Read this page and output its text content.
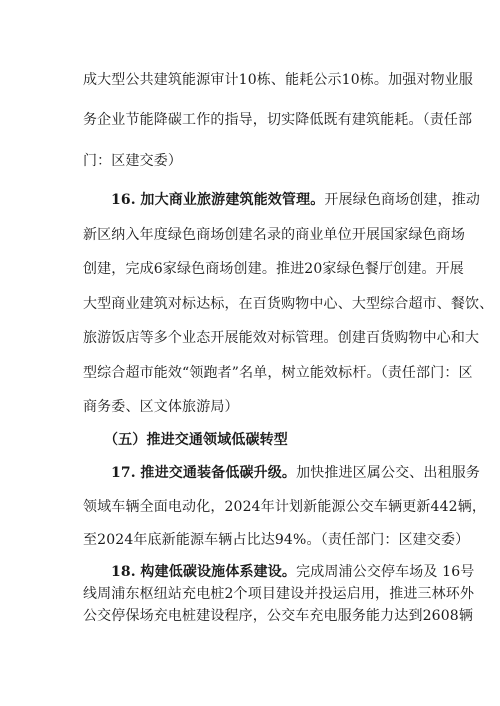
成大型公共建筑能源审计10栋、能耗公示10栋。加强对物业服
务企业节能降碳工作的指导，切实降低既有建筑能耗。（责任部
门：区建交委）
16. 加大商业旅游建筑能效管理。开展绿色商场创建，推动
新区纳入年度绿色商场创建名录的商业单位开展国家绿色商场
创建，完成6家绿色商场创建。推进20家绿色餐厅创建。开展
大型商业建筑对标达标，在百货购物中心、大型综合超市、餐饮、
旅游饭店等多个业态开展能效对标管理。创建百货购物中心和大
型综合超市能效“领跑者”名单，树立能效标杆。（责任部门：区
商务委、区文体旅游局）
（五）推进交通领域低碳转型
17. 推进交通装备低碳升级。加快推进区属公交、出租服务
领域车辆全面电动化，2024年计划新能源公交车辆更新442辆，
至2024年底新能源车辆占比达94%。（责任部门：区建交委）
18. 构建低碳设施体系建设。完成周浦公交停车场及 16号
线周浦东枢纽站充电桩2个项目建设并投运启用，推进三林环外
公交停保场充电桩建设程序，公交车充电服务能力达到2608辆
